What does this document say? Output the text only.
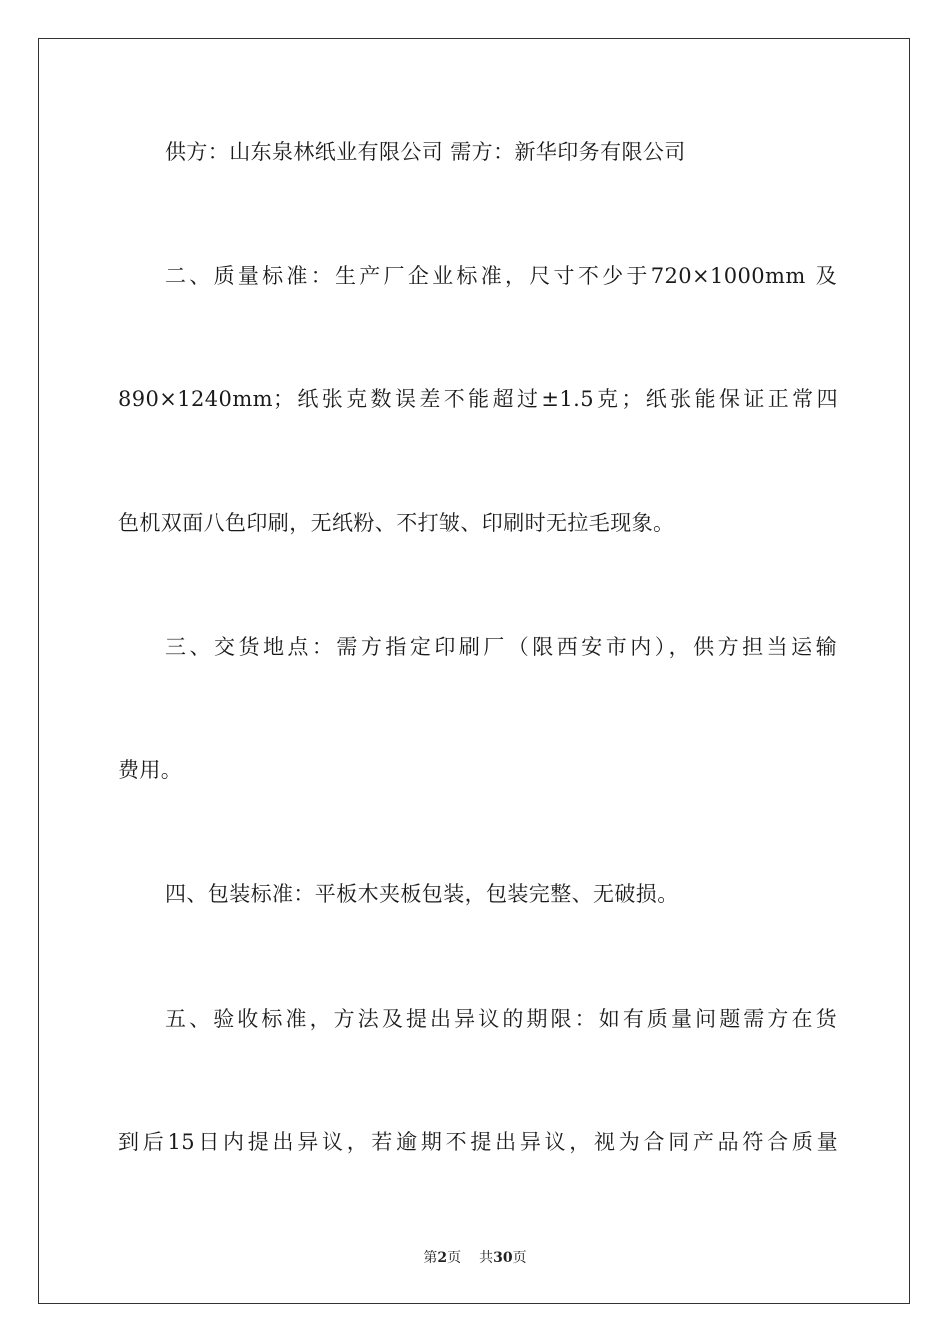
供方：山东泉林纸业有限公司 需方：新华印务有限公司
二、质量标准：生产厂企业标准，尺寸不少于720×1000mm 及
890×1240mm；纸张克数误差不能超过±1.5克；纸张能保证正常四
色机双面八色印刷，无纸粉、不打皱、印刷时无拉毛现象。
三、交货地点：需方指定印刷厂（限西安市内），供方担当运输
费用。
四、包装标准：平板木夹板包装，包装完整、无破损。
五、验收标准，方法及提出异议的期限：如有质量问题需方在货
到后15日内提出异议，若逾期不提出异议，视为合同产品符合质量
第2页 共30页
